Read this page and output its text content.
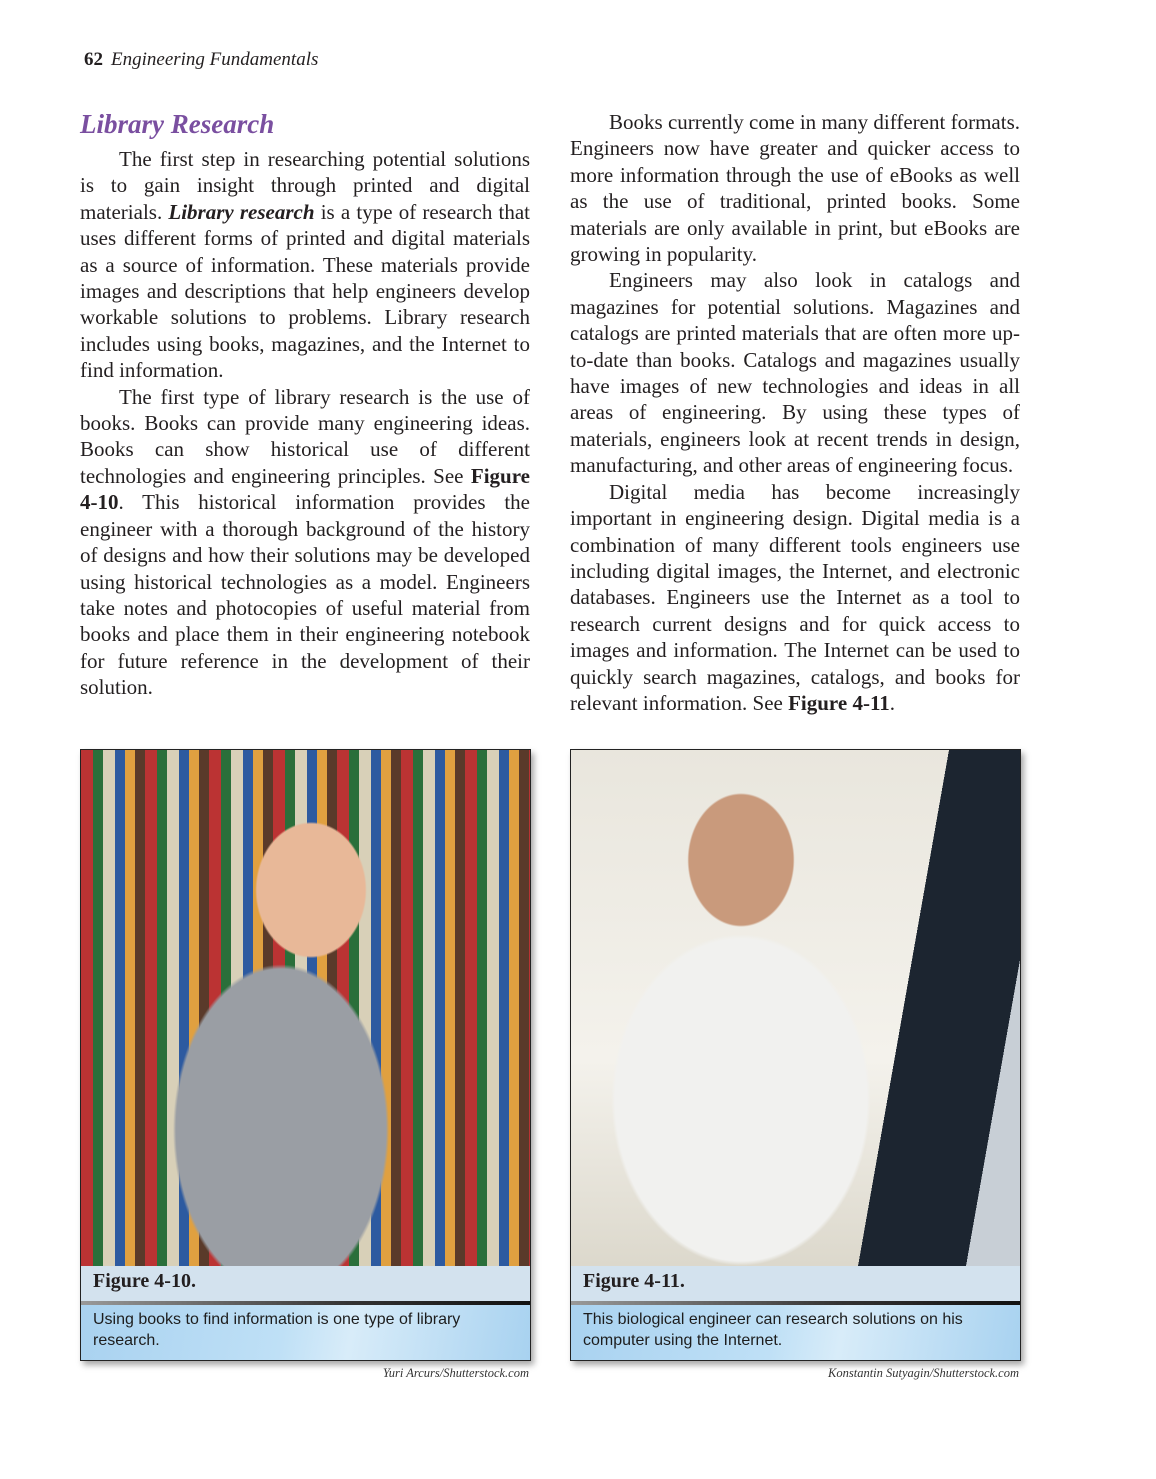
62 Engineering Fundamentals
Library Research

The first step in researching potential solutions is to gain insight through printed and digital materials. Library research is a type of research that uses different forms of printed and digital materials as a source of information. These materials provide images and descriptions that help engineers develop workable solutions to problems. Library research includes using books, magazines, and the Internet to find information.

The first type of library research is the use of books. Books can provide many engineering ideas. Books can show historical use of different technologies and engineering principles. See Figure 4-10. This historical information provides the engineer with a thorough background of the history of designs and how their solutions may be developed using historical technologies as a model. Engineers take notes and photocopies of useful material from books and place them in their engineering notebook for future reference in the development of their solution.

Books currently come in many different formats. Engineers now have greater and quicker access to more information through the use of eBooks as well as the use of traditional, printed books. Some materials are only available in print, but eBooks are growing in popularity.

Engineers may also look in catalogs and magazines for potential solutions. Magazines and catalogs are printed materials that are often more up-to-date than books. Catalogs and magazines usually have images of new technologies and ideas in all areas of engineering. By using these types of materials, engineers look at recent trends in design, manufacturing, and other areas of engineering focus.

Digital media has become increasingly important in engineering design. Digital media is a combination of many different tools engineers use including digital images, the Internet, and electronic databases. Engineers use the Internet as a tool to research current designs and for quick access to images and information. The Internet can be used to quickly search magazines, catalogs, and books for relevant information. See Figure 4-11.

Figure 4-10.
Using books to find information is one type of library research.
Yuri Arcurs/Shutterstock.com
Figure 4-11.
This biological engineer can research solutions on his computer using the Internet.
Konstantin Sutyagin/Shutterstock.com
